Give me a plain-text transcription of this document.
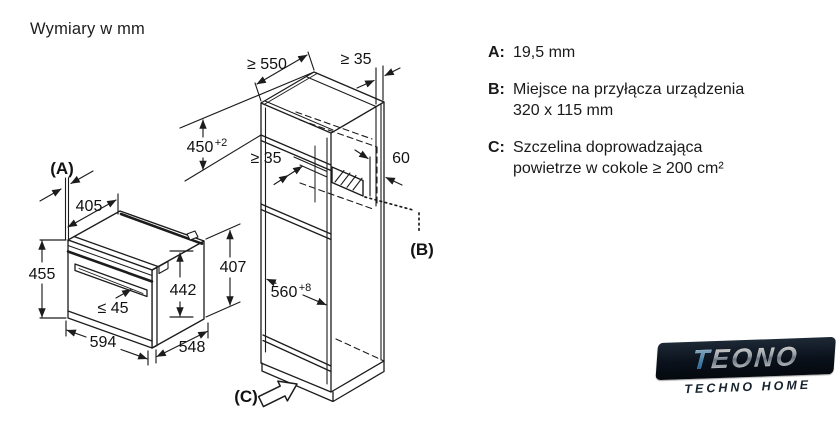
(A)
405
455
442
407
≤ 45
594	548
≥ 550	≥ 35
450 +2
≥ 35	60
560 +8
(B)
(C)
Wymiary w mm
A: 19,5 mm
B: Miejsce na przyłącza urządzenia
320 x 115 mm
C: Szczelina doprowadzająca
powietrze w cokole ≥ 200 cm²
TEONO
TECHNO HOME
